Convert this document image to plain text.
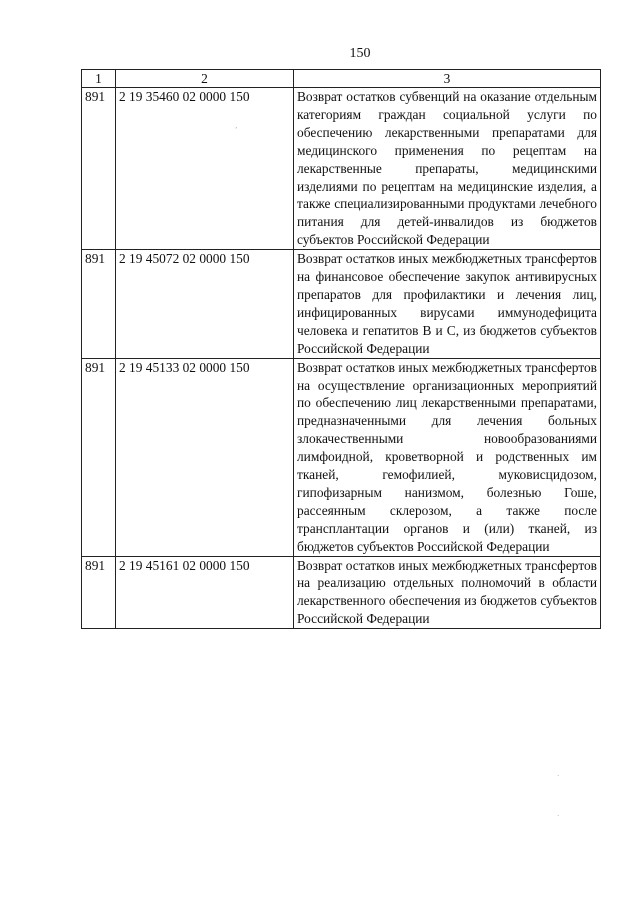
150
1	2	3
891	2 19 35460 02 0000 150	Возврат остатков субвенций на оказание отдельным категориям граждан социальной услуги по обеспечению лекарственными препаратами для медицинского применения по рецептам на лекарственные препараты, медицинскими изделиями по рецептам на медицинские изделия, а также специализированными продуктами лечебного питания для детей-инвалидов из бюджетов субъектов Российской Федерации
891	2 19 45072 02 0000 150	Возврат остатков иных межбюджетных трансфертов на финансовое обеспечение закупок антивирусных препаратов для профилактики и лечения лиц, инфицированных вирусами иммунодефицита человека и гепатитов B и C, из бюджетов субъектов Российской Федерации
891	2 19 45133 02 0000 150	Возврат остатков иных межбюджетных трансфертов на осуществление организационных мероприятий по обеспечению лиц лекарственными препаратами, предназначенными для лечения больных злокачественными новообразованиями лимфоидной, кроветворной и родственных им тканей, гемофилией, муковисцидозом, гипофизарным нанизмом, болезнью Гоше, рассеянным склерозом, а также после трансплантации органов и (или) тканей, из бюджетов субъектов Российской Федерации
891	2 19 45161 02 0000 150	Возврат остатков иных межбюджетных трансфертов на реализацию отдельных полномочий в области лекарственного обеспечения из бюджетов субъектов Российской Федерации
ʼ
·
·
